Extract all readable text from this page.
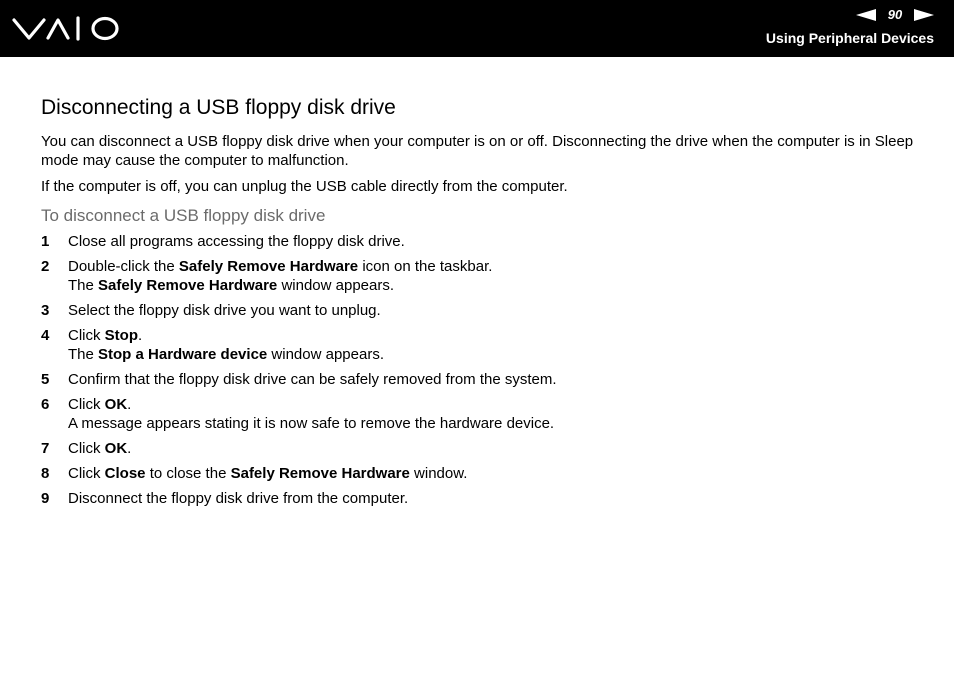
90
Using Peripheral Devices
Disconnecting a USB floppy disk drive

You can disconnect a USB floppy disk drive when your computer is on or off. Disconnecting the drive when the computer is in Sleep mode may cause the computer to malfunction.

If the computer is off, you can unplug the USB cable directly from the computer.

To disconnect a USB floppy disk drive
1	Close all programs accessing the floppy disk drive.
2	Double-click the Safely Remove Hardware icon on the taskbar.
The Safely Remove Hardware window appears.
3	Select the floppy disk drive you want to unplug.
4	Click Stop.
The Stop a Hardware device window appears.
5	Confirm that the floppy disk drive can be safely removed from the system.
6	Click OK.
A message appears stating it is now safe to remove the hardware device.
7	Click OK.
8	Click Close to close the Safely Remove Hardware window.
9	Disconnect the floppy disk drive from the computer.
